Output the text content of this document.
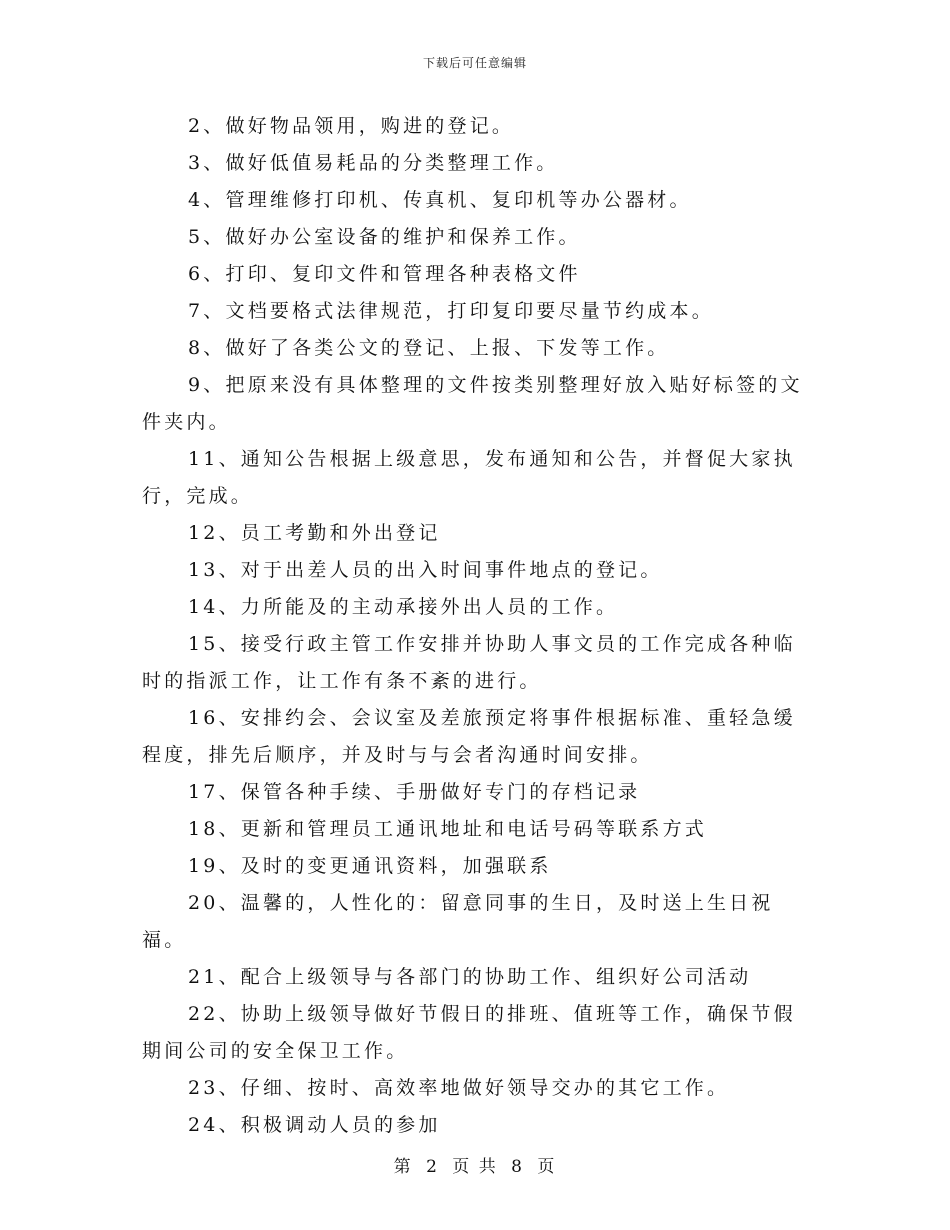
下载后可任意编辑

2、做好物品领用，购进的登记。

3、做好低值易耗品的分类整理工作。

4、管理维修打印机、传真机、复印机等办公器材。

5、做好办公室设备的维护和保养工作。

6、打印、复印文件和管理各种表格文件

7、文档要格式法律规范，打印复印要尽量节约成本。

8、做好了各类公文的登记、上报、下发等工作。

9、把原来没有具体整理的文件按类别整理好放入贴好标签的文件夹内。

11、通知公告根据上级意思，发布通知和公告，并督促大家执行，完成。

12、员工考勤和外出登记

13、对于出差人员的出入时间事件地点的登记。

14、力所能及的主动承接外出人员的工作。

15、接受行政主管工作安排并协助人事文员的工作完成各种临时的指派工作，让工作有条不紊的进行。

16、安排约会、会议室及差旅预定将事件根据标准、重轻急缓程度，排先后顺序，并及时与与会者沟通时间安排。

17、保管各种手续、手册做好专门的存档记录

18、更新和管理员工通讯地址和电话号码等联系方式

19、及时的变更通讯资料，加强联系

20、温馨的，人性化的：留意同事的生日，及时送上生日祝福。

21、配合上级领导与各部门的协助工作、组织好公司活动

22、协助上级领导做好节假日的排班、值班等工作，确保节假期间公司的安全保卫工作。

23、仔细、按时、高效率地做好领导交办的其它工作。

24、积极调动人员的参加

第 2 页 共 8 页
